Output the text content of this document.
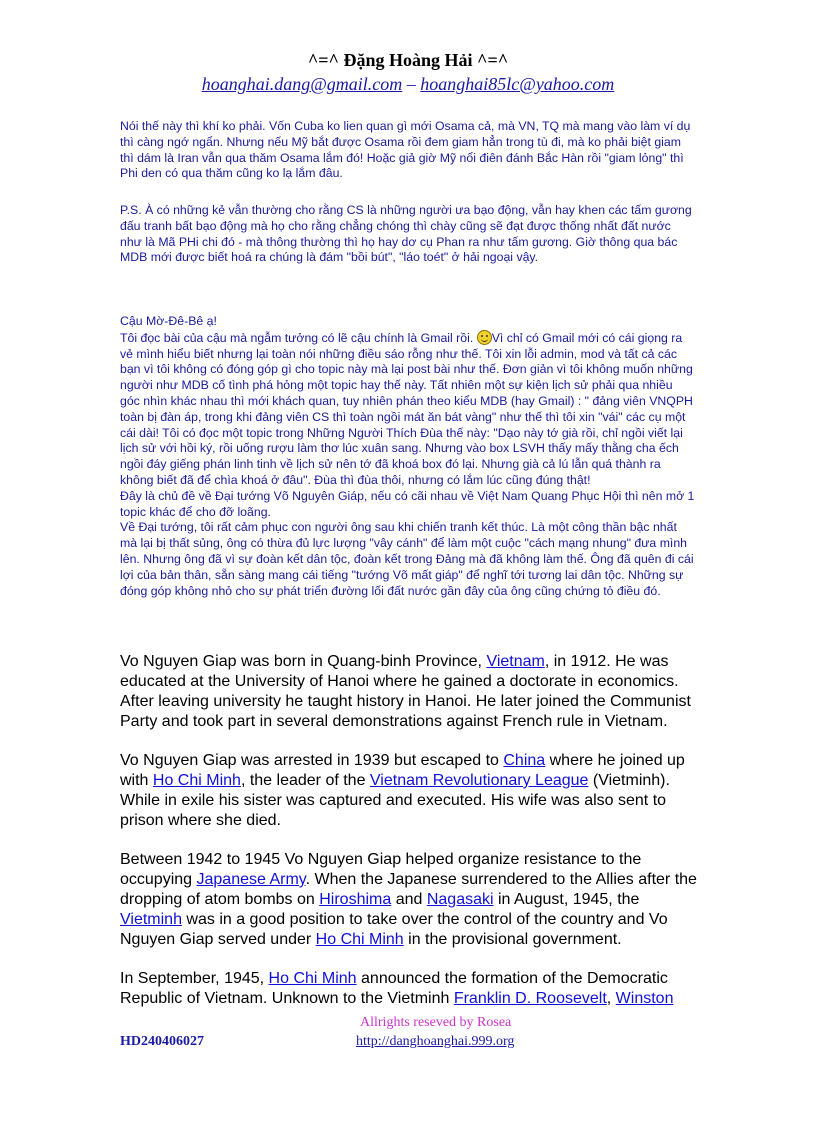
^=^ Đặng Hoàng Hải ^=^
hoanghai.dang@gmail.com – hoanghai85lc@yahoo.com

Nói thế này thì khí ko phải. Vốn Cuba ko lien quan gì mới Osama cả, mà VN, TQ mà mang vào làm ví dụ thì càng ngớ ngẩn. Nhưng nếu Mỹ bắt được Osama rồi đem giam hẳn trong tù đi, mà ko phải biệt giam thì dám là Iran vẫn qua thăm Osama lắm đó! Hoặc giả giờ Mỹ nổi điên đánh Bắc Hàn rồi "giam lỏng" thì Phi den có qua thăm cũng ko lạ lắm đâu.

P.S. À có những kẻ vẫn thường cho rằng CS là những người ưa bạo động, vẫn hay khen các tấm gương đấu tranh bất bạo động mà họ cho rằng chẳng chóng thì chày cũng sẽ đạt được thống nhất đất nước như là Mã PHi chi đó - mà thông thường thì họ hay dơ cụ Phan ra như tấm gương. Giờ thông qua bác MDB mới được biết hoá ra chúng là đám "bồi bút", "láo toét" ở hải ngoại vậy.

Cậu Mờ-Đê-Bê ạ!

Tôi đọc bài của cậu mà ngẫm tưởng có lẽ cậu chính là Gmail rồi. Vì chỉ có Gmail mới có cái giọng ra vẻ mình hiểu biết nhưng lại toàn nói những điều sáo rỗng như thế. Tôi xin lỗi admin, mod và tất cả các bạn vì tôi không có đóng góp gì cho topic này mà lại post bài như thế. Đơn giản vì tôi không muốn những người như MDB cố tình phá hỏng một topic hay thế này. Tất nhiên một sự kiện lịch sử phải qua nhiều góc nhìn khác nhau thì mới khách quan, tuy nhiên phán theo kiểu MDB (hay Gmail) : " đảng viên VNQPH toàn bị đàn áp, trong khi đảng viên CS thì toàn ngồi mát ăn bát vàng" như thế thì tôi xin "vái" các cụ một cái dài! Tôi có đọc một topic trong Những Người Thích Đùa thế này: "Dạo này tớ già rồi, chỉ ngồi viết lại lịch sử với hồi ký, rồi uống rượu làm thơ lúc xuân sang. Nhưng vào box LSVH thấy mấy thằng cha ếch ngồi đáy giếng phán linh tinh về lịch sử nên tớ đã khoá box đó lại. Nhưng già cả lú lẫn quá thành ra không biết đã để chìa khoá ở đâu". Đùa thì đùa thôi, nhưng có lắm lúc cũng đúng thật!

Đây là chủ đề về Đại tướng Võ Nguyên Giáp, nếu có cãi nhau về Việt Nam Quang Phục Hội thì nên mở 1 topic khác để cho đỡ loãng.

Về Đại tướng, tôi rất cảm phục con người ông sau khi chiến tranh kết thúc. Là một công thần bậc nhất mà lại bị thất sủng, ông có thừa đủ lực lượng "vây cánh" để làm một cuộc "cách mạng nhung" đưa mình lên. Nhưng ông đã vì sự đoàn kết dân tộc, đoàn kết trong Đảng mà đã không làm thế. Ông đã quên đi cái lợi của bản thân, sẵn sàng mang cái tiếng "tướng Võ mất giáp" để nghĩ tới tương lai dân tộc. Những sự đóng góp không nhỏ cho sự phát triển đường lối đất nước gần đây của ông cũng chứng tỏ điều đó.

Vo Nguyen Giap was born in Quang-binh Province, Vietnam, in 1912. He was educated at the University of Hanoi where he gained a doctorate in economics. After leaving university he taught history in Hanoi. He later joined the Communist Party and took part in several demonstrations against French rule in Vietnam.

Vo Nguyen Giap was arrested in 1939 but escaped to China where he joined up with Ho Chi Minh, the leader of the Vietnam Revolutionary League (Vietminh). While in exile his sister was captured and executed. His wife was also sent to prison where she died.

Between 1942 to 1945 Vo Nguyen Giap helped organize resistance to the occupying Japanese Army. When the Japanese surrendered to the Allies after the dropping of atom bombs on Hiroshima and Nagasaki in August, 1945, the Vietminh was in a good position to take over the control of the country and Vo Nguyen Giap served under Ho Chi Minh in the provisional government.

In September, 1945, Ho Chi Minh announced the formation of the Democratic Republic of Vietnam. Unknown to the Vietminh Franklin D. Roosevelt, Winston

Allrights reseved by Rosea
HD240406027	http://danghoanghai.999.org
